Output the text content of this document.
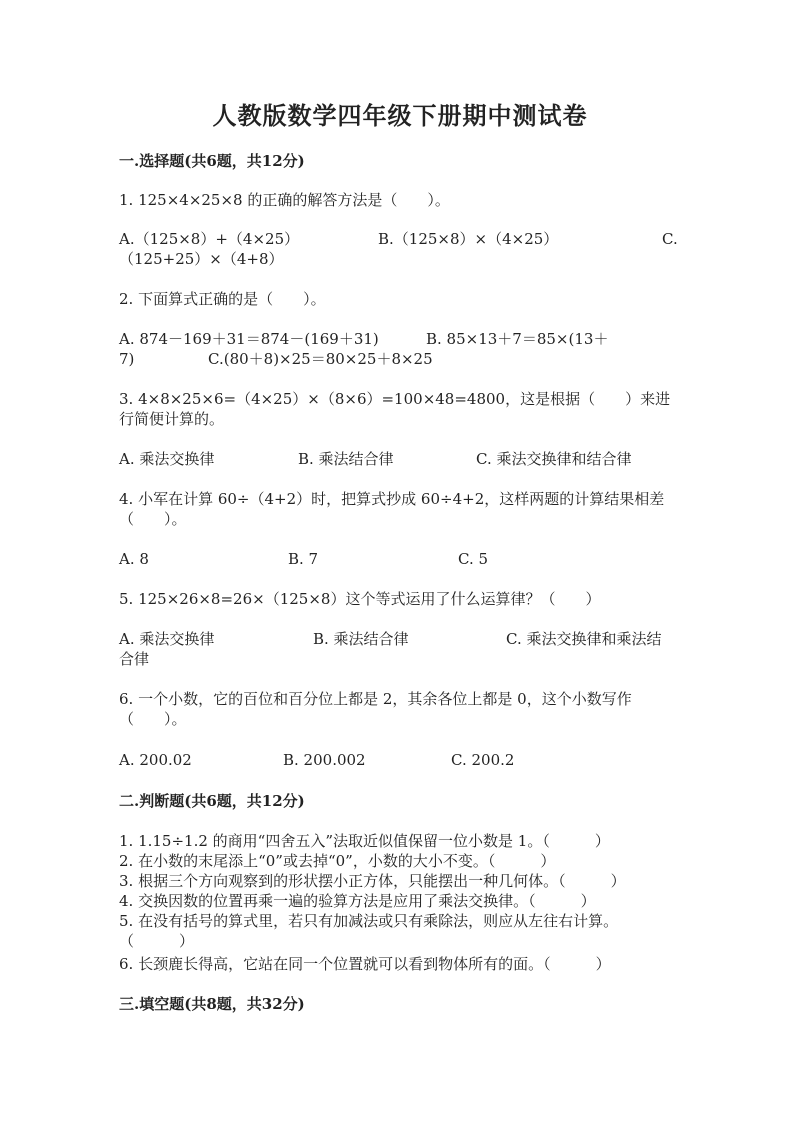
人教版数学四年级下册期中测试卷
一.选择题(共6题，共12分)
1. 125×4×25×8 的正确的解答方法是（　　）。
A.（125×8）+（4×25）	B.（125×8）×（4×25）	C.
（125+25）×（4+8）
2. 下面算式正确的是（　　）。
A. 874－169＋31＝874－(169＋31)	B. 85×13＋7＝85×(13＋
7)	C.(80＋8)×25＝80×25＋8×25
3. 4×8×25×6=（4×25）×（8×6）=100×48=4800，这是根据（　　）来进
行简便计算的。
A. 乘法交换律	B. 乘法结合律	C. 乘法交换律和结合律
4. 小军在计算 60÷（4+2）时，把算式抄成 60÷4+2，这样两题的计算结果相差
（　　）。
A. 8	B. 7	C. 5
5. 125×26×8=26×（125×8）这个等式运用了什么运算律？（　　）
A. 乘法交换律	B. 乘法结合律	C. 乘法交换律和乘法结
合律
6. 一个小数，它的百位和百分位上都是 2，其余各位上都是 0，这个小数写作
（　　）。
A. 200.02	B. 200.002	C. 200.2
二.判断题(共6题，共12分)
1. 1.15÷1.2 的商用“四舍五入”法取近似值保留一位小数是 1。（　　　）
2. 在小数的末尾添上“0”或去掉“0”，小数的大小不变。（　　　）
3. 根据三个方向观察到的形状摆小正方体，只能摆出一种几何体。（　　　）
4. 交换因数的位置再乘一遍的验算方法是应用了乘法交换律。（　　　）
5. 在没有括号的算式里，若只有加减法或只有乘除法，则应从左往右计算。
（　　　）
6. 长颈鹿长得高，它站在同一个位置就可以看到物体所有的面。（　　　）
三.填空题(共8题，共32分)
